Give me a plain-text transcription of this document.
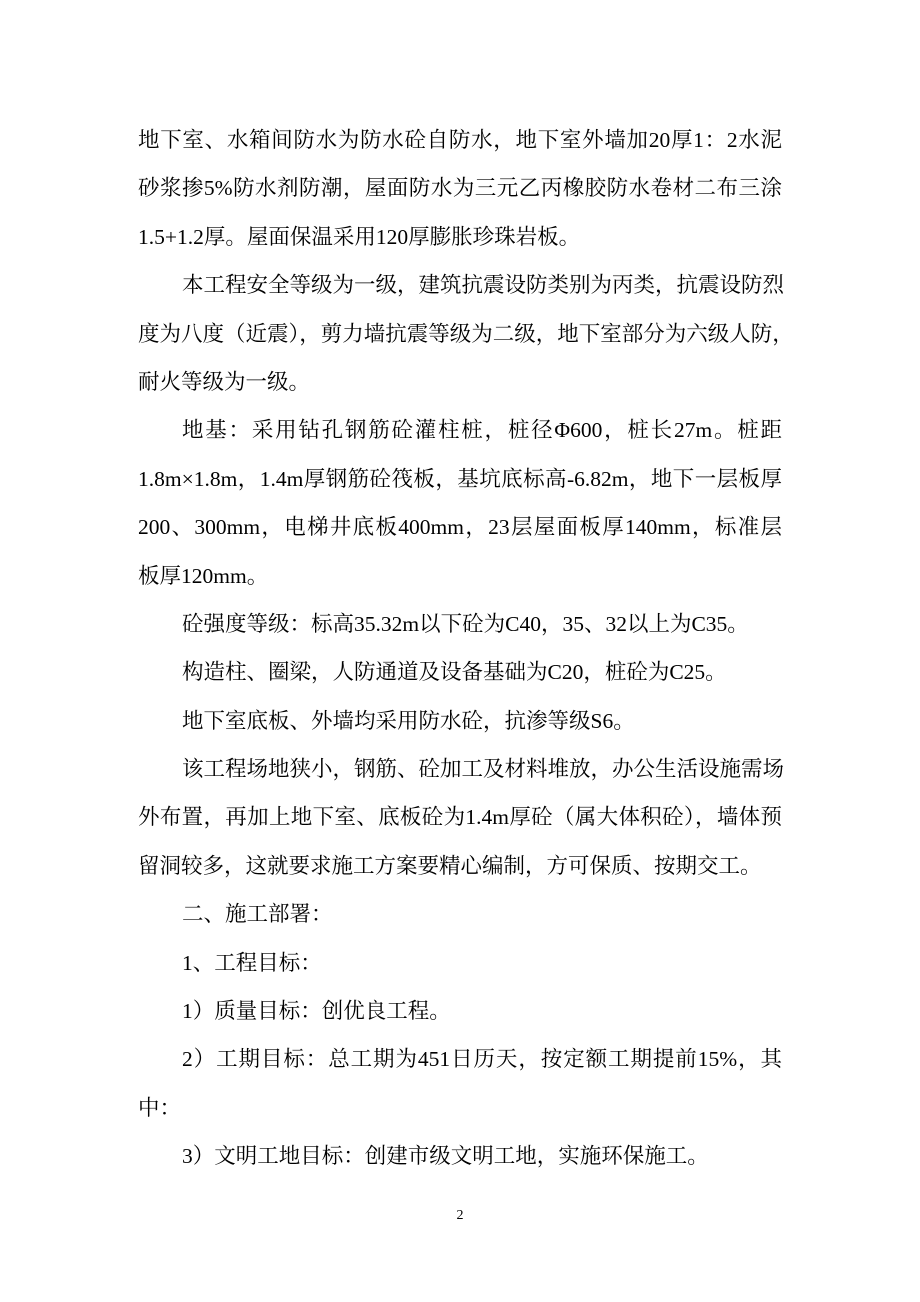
地下室、水箱间防水为防水砼自防水，地下室外墙加20厚1：2水泥
砂浆掺5%防水剂防潮，屋面防水为三元乙丙橡胶防水卷材二布三涂
1.5+1.2厚。屋面保温采用120厚膨胀珍珠岩板。
本工程安全等级为一级，建筑抗震设防类别为丙类，抗震设防烈
度为八度（近震），剪力墙抗震等级为二级，地下室部分为六级人防，
耐火等级为一级。
地基：采用钻孔钢筋砼灌柱桩，桩径Φ600，桩长27m。桩距
1.8m×1.8m，1.4m厚钢筋砼筏板，基坑底标高-6.82m，地下一层板厚
200、300mm，电梯井底板400mm，23层屋面板厚140mm，标准层
板厚120mm。
砼强度等级：标高35.32m以下砼为C40，35、32以上为C35。
构造柱、圈梁，人防通道及设备基础为C20，桩砼为C25。
地下室底板、外墙均采用防水砼，抗渗等级S6。
该工程场地狭小，钢筋、砼加工及材料堆放，办公生活设施需场
外布置，再加上地下室、底板砼为1.4m厚砼（属大体积砼），墙体预
留洞较多，这就要求施工方案要精心编制，方可保质、按期交工。
二、施工部署：
1、工程目标：
1）质量目标：创优良工程。
2）工期目标：总工期为451日历天，按定额工期提前15%，其
中：
3）文明工地目标：创建市级文明工地，实施环保施工。
2
